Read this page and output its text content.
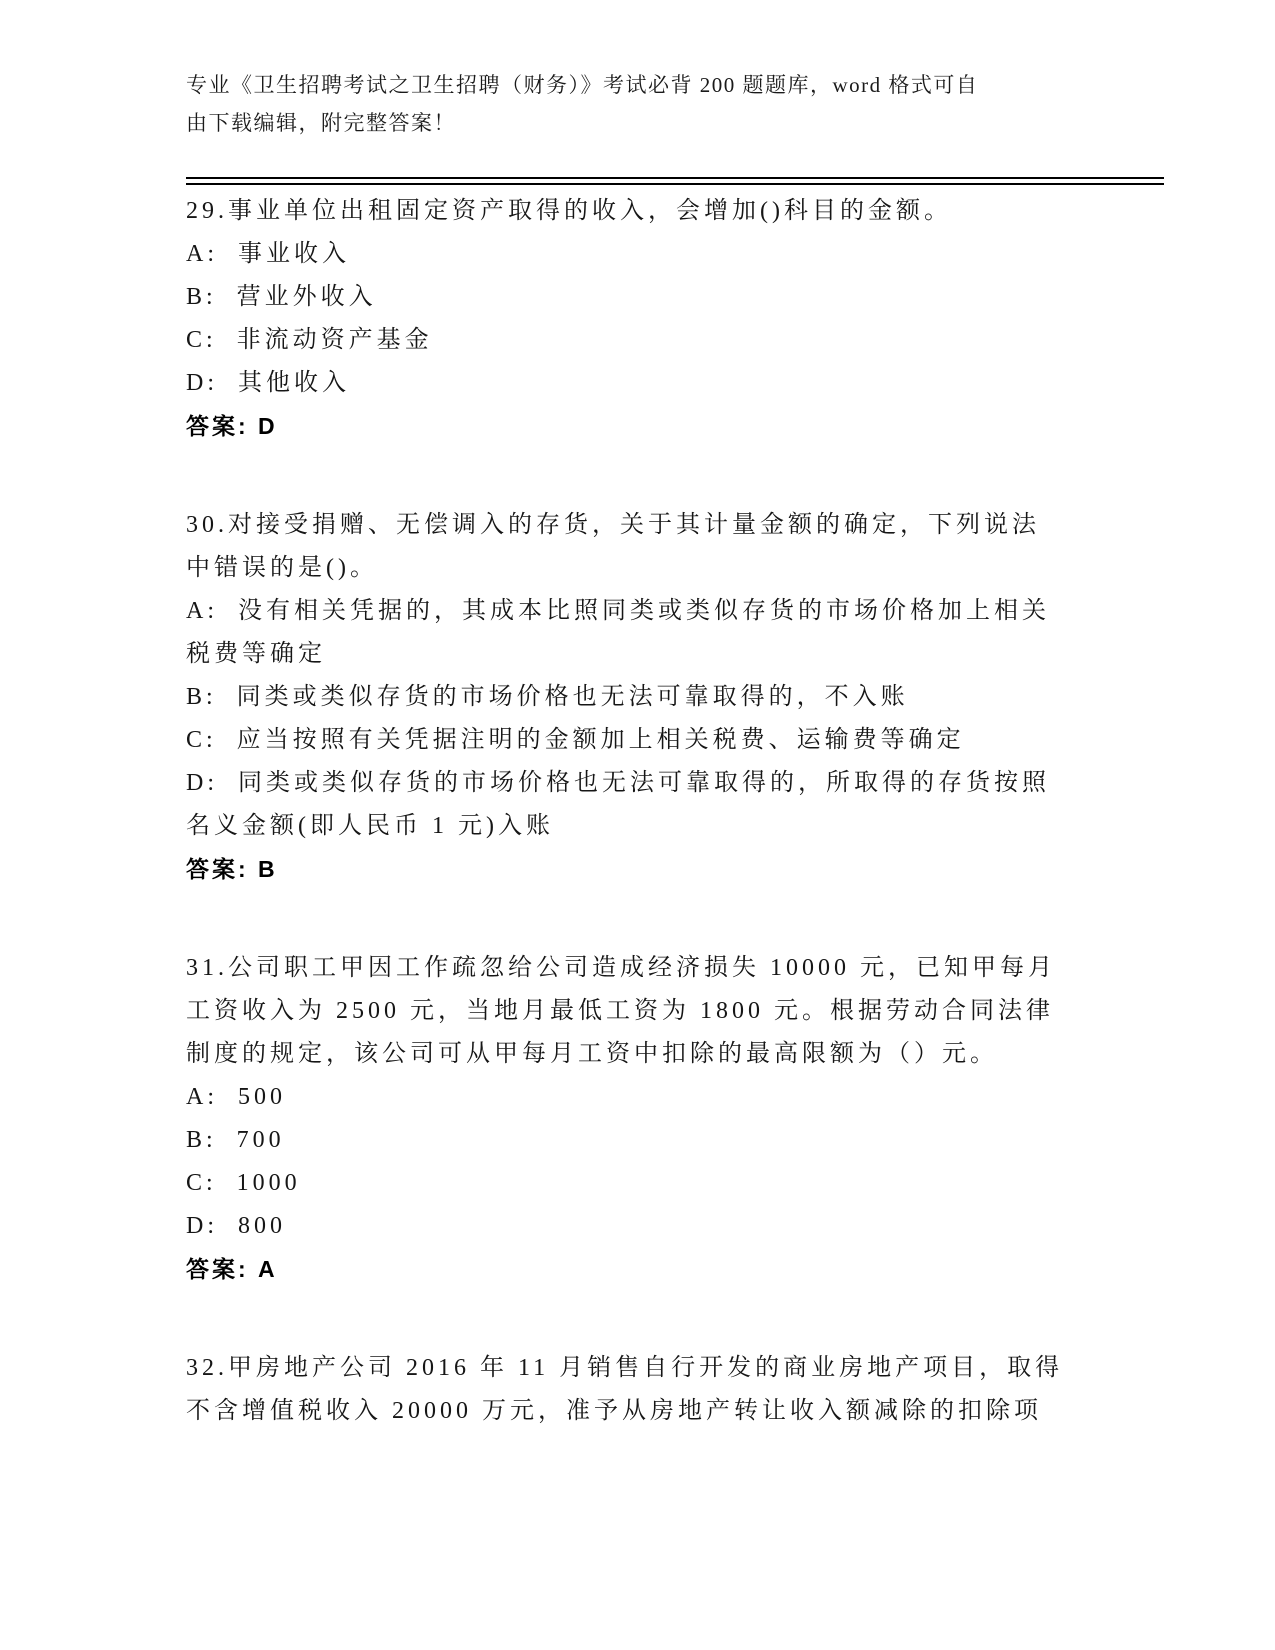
专业《卫生招聘考试之卫生招聘（财务）》考试必背 200 题题库，word 格式可自
由下载编辑，附完整答案！
29.事业单位出租固定资产取得的收入，会增加()科目的金额。
A:  事业收入
B:  营业外收入
C:  非流动资产基金
D:  其他收入
答案: D
30.对接受捐赠、无偿调入的存货，关于其计量金额的确定，下列说法
中错误的是()。
A:  没有相关凭据的，其成本比照同类或类似存货的市场价格加上相关
税费等确定
B:  同类或类似存货的市场价格也无法可靠取得的，不入账
C:  应当按照有关凭据注明的金额加上相关税费、运输费等确定
D:  同类或类似存货的市场价格也无法可靠取得的，所取得的存货按照
名义金额(即人民币 1 元)入账
答案: B
31.公司职工甲因工作疏忽给公司造成经济损失 10000 元，已知甲每月
工资收入为 2500 元，当地月最低工资为 1800 元。根据劳动合同法律
制度的规定，该公司可从甲每月工资中扣除的最高限额为（）元。
A:  500
B:  700
C:  1000
D:  800
答案: A
32.甲房地产公司 2016 年 11 月销售自行开发的商业房地产项目，取得
不含增值税收入 20000 万元，准予从房地产转让收入额减除的扣除项
